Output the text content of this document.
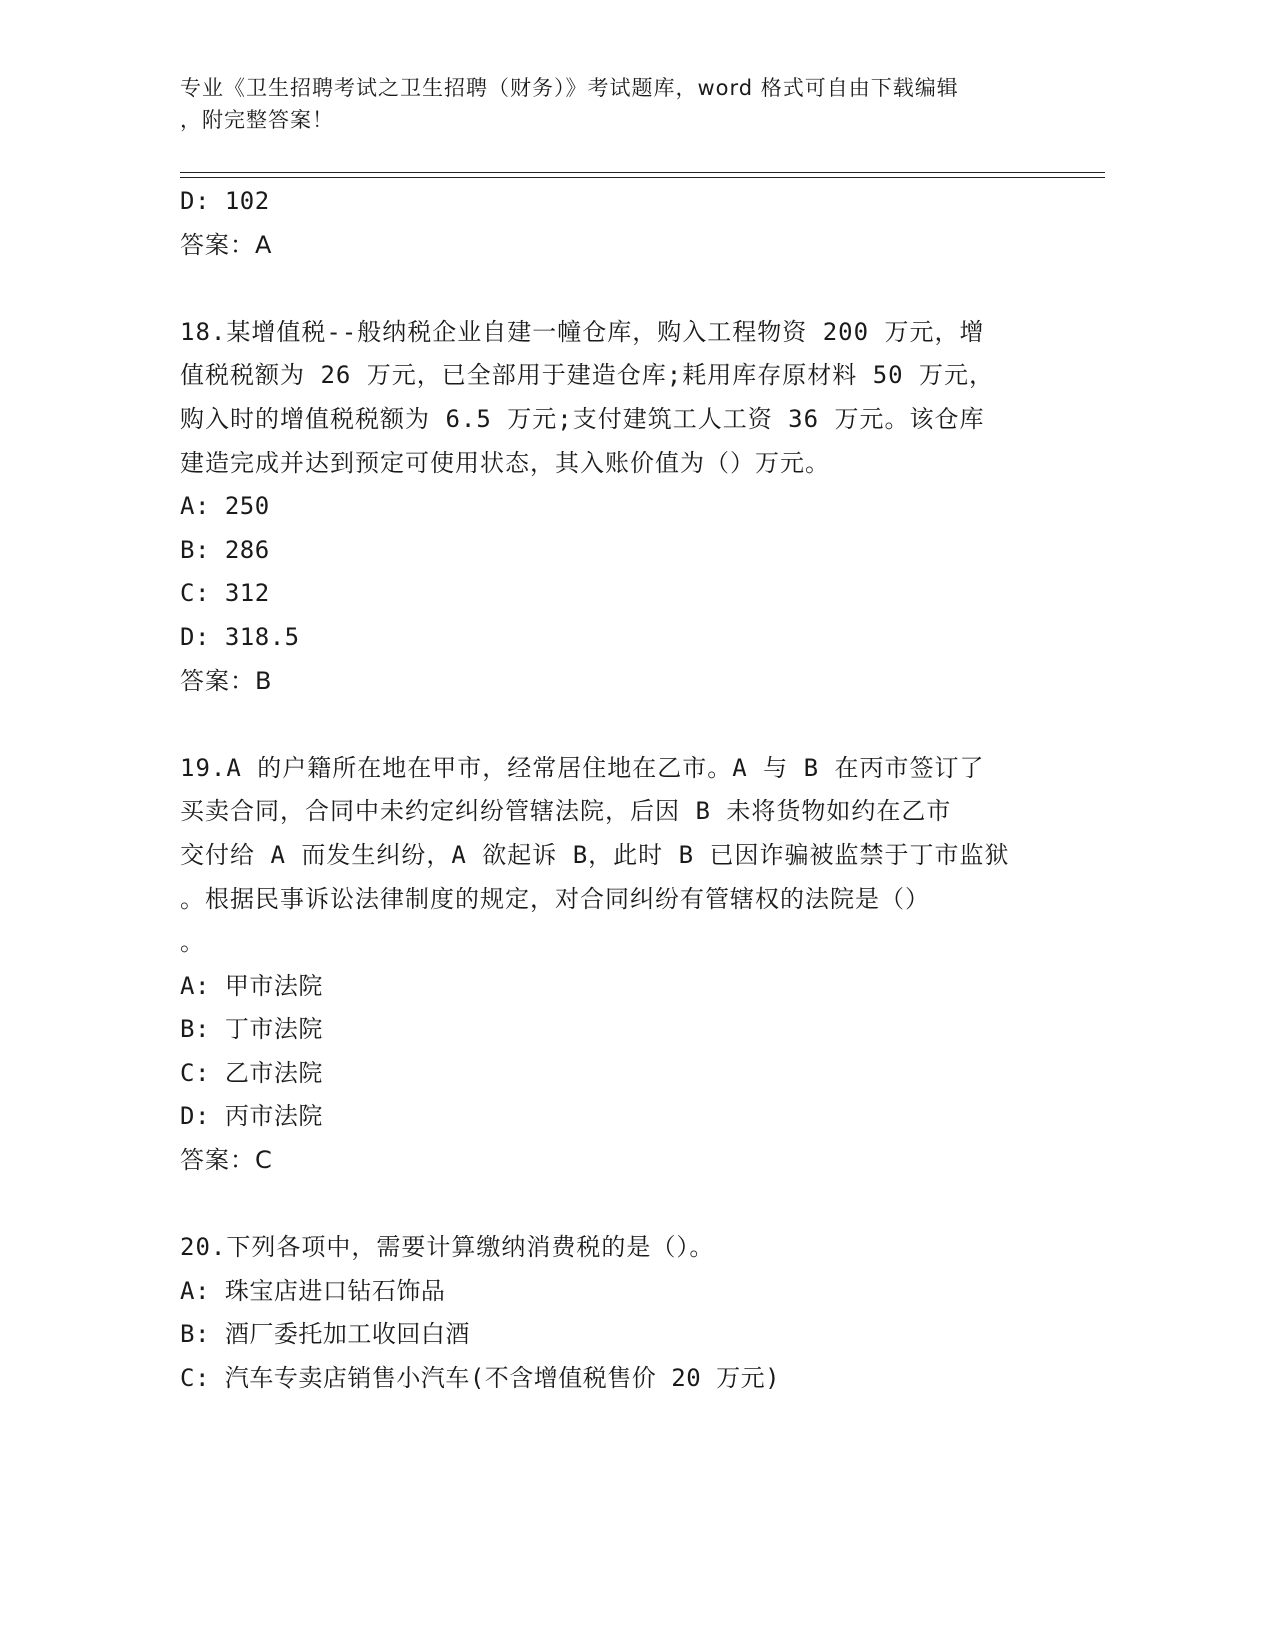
专业《卫生招聘考试之卫生招聘（财务）》考试题库，word 格式可自由下载编辑
，附完整答案！
D: 102
答案：A
18.某增值税--般纳税企业自建一幢仓库，购入工程物资 200 万元，增
值税税额为 26 万元，已全部用于建造仓库;耗用库存原材料 50 万元，
购入时的增值税税额为 6.5 万元;支付建筑工人工资 36 万元。该仓库
建造完成并达到预定可使用状态，其入账价值为（）万元。
A: 250
B: 286
C: 312
D: 318.5
答案：B
19.A 的户籍所在地在甲市，经常居住地在乙市。A 与 B 在丙市签订了
买卖合同，合同中未约定纠纷管辖法院，后因 B 未将货物如约在乙市
交付给 A 而发生纠纷，A 欲起诉 B，此时 B 已因诈骗被监禁于丁市监狱
。根据民事诉讼法律制度的规定，对合同纠纷有管辖权的法院是（）
。
A: 甲市法院
B: 丁市法院
C: 乙市法院
D: 丙市法院
答案：C
20.下列各项中，需要计算缴纳消费税的是（）。
A: 珠宝店进口钻石饰品
B: 酒厂委托加工收回白酒
C: 汽车专卖店销售小汽车(不含增值税售价 20 万元)
